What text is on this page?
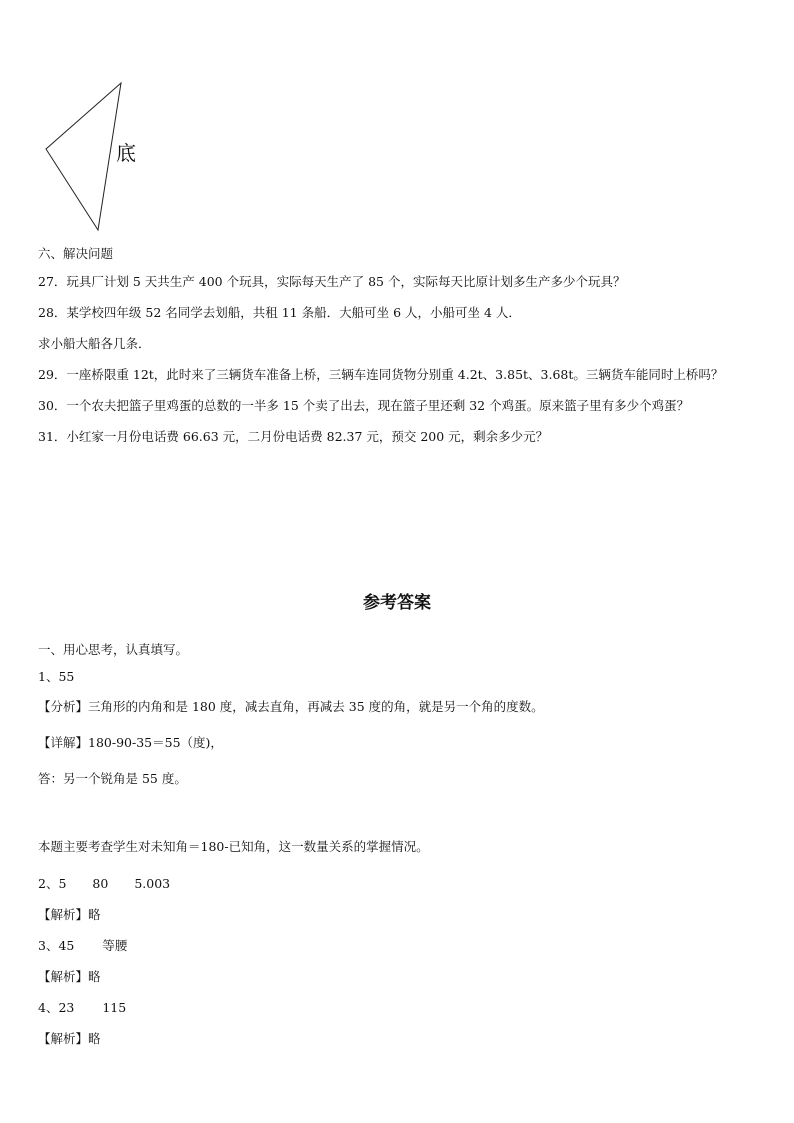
底
六、解决问题
27．玩具厂计划 5 天共生产 400 个玩具，实际每天生产了 85 个，实际每天比原计划多生产多少个玩具？
28．某学校四年级 52 名同学去划船，共租 11 条船．大船可坐 6 人，小船可坐 4 人．
求小船大船各几条．
29．一座桥限重 12t，此时来了三辆货车准备上桥，三辆车连同货物分别重 4.2t、3.85t、3.68t。三辆货车能同时上桥吗？
30．一个农夫把篮子里鸡蛋的总数的一半多 15 个卖了出去，现在篮子里还剩 32 个鸡蛋。原来篮子里有多少个鸡蛋？
31．小红家一月份电话费 66.63 元，二月份电话费 82.37 元，预交 200 元，剩余多少元？
参考答案
一、用心思考，认真填写。
1、55
【分析】三角形的内角和是 180 度，减去直角，再减去 35 度的角，就是另一个角的度数。
【详解】180-90-35＝55（度)，
答：另一个锐角是 55 度。
本题主要考查学生对未知角＝180-已知角，这一数量关系的掌握情况。
2、5 80 5.003
【解析】略
3、45 等腰
【解析】略
4、23 115
【解析】略
